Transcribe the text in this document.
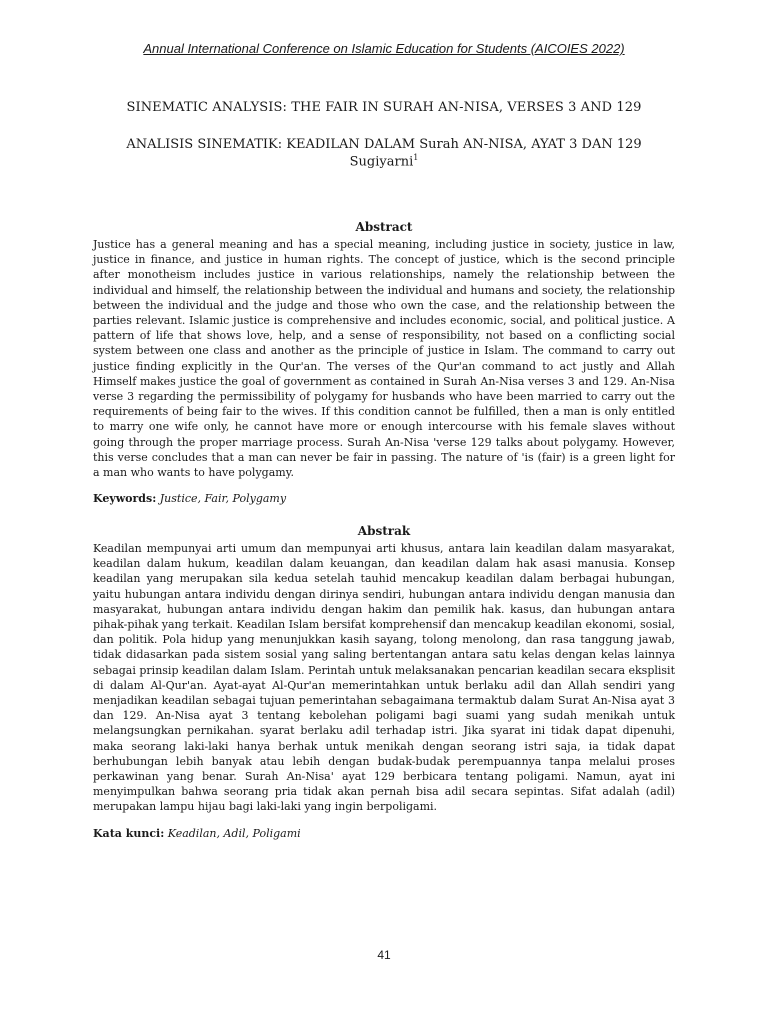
Annual International Conference on Islamic Education for Students (AICOIES 2022)
SINEMATIC ANALYSIS: THE FAIR IN SURAH AN-NISA, VERSES 3 AND 129
ANALISIS SINEMATIK: KEADILAN DALAM Surah AN-NISA, AYAT 3 DAN 129
Sugiyarni$^1$
Abstract
Justice has a general meaning and has a special meaning, including justice in society, justice in law, justice in finance, and justice in human rights. The concept of justice, which is the second principle after monotheism includes justice in various relationships, namely the relationship between the individual and himself, the relationship between the individual and humans and society, the relationship between the individual and the judge and those who own the case, and the relationship between the parties relevant. Islamic justice is comprehensive and includes economic, social, and political justice. A pattern of life that shows love, help, and a sense of responsibility, not based on a conflicting social system between one class and another as the principle of justice in Islam. The command to carry out justice finding explicitly in the Qur'an. The verses of the Qur'an command to act justly and Allah Himself makes justice the goal of government as contained in Surah An-Nisa verses 3 and 129. An-Nisa verse 3 regarding the permissibility of polygamy for husbands who have been married to carry out the requirements of being fair to the wives. If this condition cannot be fulfilled, then a man is only entitled to marry one wife only, he cannot have more or enough intercourse with his female slaves without going through the proper marriage process. Surah An-Nisa 'verse 129 talks about polygamy. However, this verse concludes that a man can never be fair in passing. The nature of 'is (fair) is a green light for a man who wants to have polygamy.
Keywords: Justice, Fair, Polygamy
Abstrak
Keadilan mempunyai arti umum dan mempunyai arti khusus, antara lain keadilan dalam masyarakat, keadilan dalam hukum, keadilan dalam keuangan, dan keadilan dalam hak asasi manusia. Konsep keadilan yang merupakan sila kedua setelah tauhid mencakup keadilan dalam berbagai hubungan, yaitu hubungan antara individu dengan dirinya sendiri, hubungan antara individu dengan manusia dan masyarakat, hubungan antara individu dengan hakim dan pemilik hak. kasus, dan hubungan antara pihak-pihak yang terkait. Keadilan Islam bersifat komprehensif dan mencakup keadilan ekonomi, sosial, dan politik. Pola hidup yang menunjukkan kasih sayang, tolong menolong, dan rasa tanggung jawab, tidak didasarkan pada sistem sosial yang saling bertentangan antara satu kelas dengan kelas lainnya sebagai prinsip keadilan dalam Islam. Perintah untuk melaksanakan pencarian keadilan secara eksplisit di dalam Al-Qur'an. Ayat-ayat Al-Qur'an memerintahkan untuk berlaku adil dan Allah sendiri yang menjadikan keadilan sebagai tujuan pemerintahan sebagaimana termaktub dalam Surat An-Nisa ayat 3 dan 129. An-Nisa ayat 3 tentang kebolehan poligami bagi suami yang sudah menikah untuk melangsungkan pernikahan. syarat berlaku adil terhadap istri. Jika syarat ini tidak dapat dipenuhi, maka seorang laki-laki hanya berhak untuk menikah dengan seorang istri saja, ia tidak dapat berhubungan lebih banyak atau lebih dengan budak-budak perempuannya tanpa melalui proses perkawinan yang benar. Surah An-Nisa' ayat 129 berbicara tentang poligami. Namun, ayat ini menyimpulkan bahwa seorang pria tidak akan pernah bisa adil secara sepintas. Sifat adalah (adil) merupakan lampu hijau bagi laki-laki yang ingin berpoligami.
Kata kunci: Keadilan, Adil, Poligami
41
